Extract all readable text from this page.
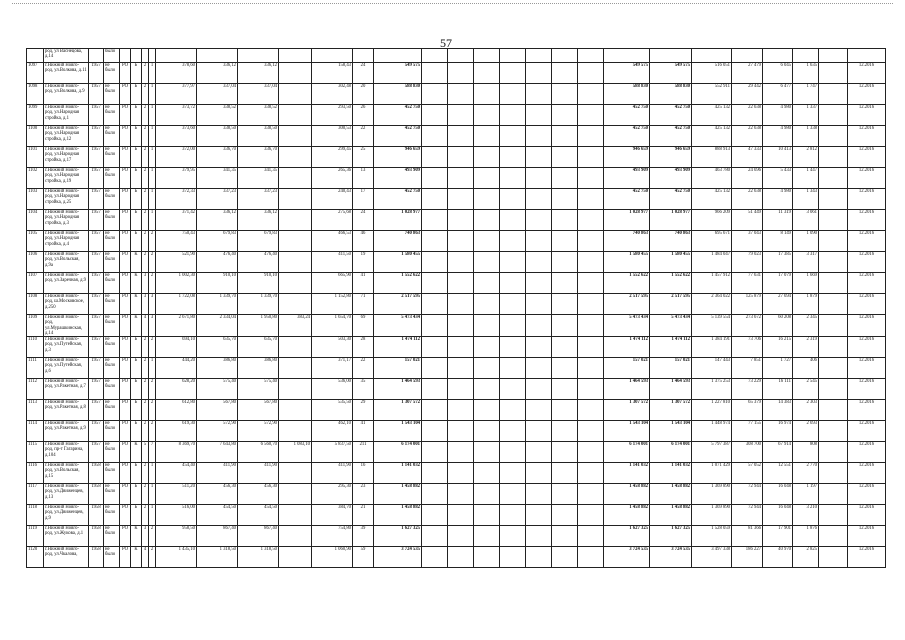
57
	род, ул Васнецова, д.14		было																										
1097	г.Нижний Новго-род, ул.Волкова, д.11	1957	не было	РО	Б	2	1	378,60	336,12	336,12		158,43	24	549 575								549 575	549 575	516 051	27 479	6 045	1 635		12.2016
1098	г.Нижний Новго-род, ул.Волкова, д.9	1957	не было	РО	Б	2	1	377,97	337,04	337,04		302,48	20	588 830								588 830	588 830	552 911	29 442	6 477	1 747		12.2016
1099	г.Нижний Новго-род, ул.Народная стройка, д.1	1957	не было	РО	Б	2	1	373,72	338,52	338,52		293,50	26	452 750								452 750	452 750	425 132	22 638	4 980	1 337		12.2016
1100	г.Нижний Новго-род, ул.Народная стройка, д.12	1957	не было	РО	Б	2	1	373,60	338,50	338,50		300,53	22	452 750								452 750	452 750	425 132	22 638	4 980	1 338		12.2016
1101	г.Нижний Новго-род, ул.Народная стройка, д.17	1957	не было	РО	Б	2	1	372,00	336,70	336,70		299,45	25	946 659								946 659	946 659	888 913	47 333	10 413	2 812		12.2016
1102	г.Нижний Новго-род, ул.Народная стройка, д.19	1957	не было	РО	Б	2	1	379,95	341,35	341,35		265,36	13	493 909								493 909	493 909	463 780	24 696	5 433	1 447		12.2016
1103	г.Нижний Новго-род, ул.Народная стройка, д.25	1957	не было	РО	Б	2	1	372,33	337,23	337,23		240,43	17	452 750								452 750	452 750	425 132	22 638	4 980	1 343		12.2016
1104	г.Нижний Новго-род, ул.Народная стройка, д.3	1957	не было	РО	Б	2	1	371,42	336,12	336,12		275,68	24	1 028 977								1 028 977	1 028 977	966 209	51 449	11 319	3 061		12.2016
1105	г.Нижний Новго-род, ул.Народная стройка, д.4	1957	не было	РО	Б	2	2	750,43	679,83	679,83		466,53	46	740 863								740 863	740 863	695 671	37 043	8 149	1 090		12.2016
1106	г.Нижний Новго-род, ул.Вольская, д.9а	1957	не было	РО	К	2	2	521,90	476,40	476,40		411,50	19	1 580 455								1 580 455	1 580 455	1 484 047	79 023	17 385	3 317		12.2016
1107	г.Нижний Новго-род, ул.Заречная, д.9	1957	не было	РО	К	3	2	1 002,30	910,10	910,10		665,90	41	1 552 622								1 552 622	1 552 622	1 457 912	77 631	17 079	1 669		12.2016
1108	г.Нижний Новго-род, ш.Московское, д.250	1957	не было	РО	К	3	3	1 722,08	1 339,70	1 339,70		1 152,80	71	2 517 595								2 517 595	2 517 595	2 364 022	125 879	27 694	1 879		12.2016
1109	г.Нижний Новго-род, ул.Мурашкинская, д.14	1957	не было	РО	К	4	3	2 671,80	2 334,04	1 950,80	383,24	1 654,70	69	5 473 434								5 473 434	5 473 434	5 139 554	273 672	60 208	2 345		12.2016
1110	г.Нижний Новго-род, ул.Путейская, д.3	1957	не было	РО	Б	2	2	694,10	635,70	635,70		503,30	28	1 474 112								1 474 112	1 474 112	1 384 191	73 706	16 215	2 319		12.2016
1111	г.Нижний Новго-род, ул.Путейская, д.6	1957	не было	РО	Б	2	1	444,20	386,80	386,80		371,17	22	157 021								157 021	157 021	147 443	7 851	1 727	406		12.2016
1112	г.Нижний Новго-род, ул.Ракетная, д.7	1957	не было	РО	Б	2	2	628,20	575,40	575,40		536,00	35	1 464 593								1 464 593	1 464 593	1 375 253	73 229	16 111	2 545		12.2016
1113	г.Нижний Новго-род, ул.Ракетная, д.8	1957	не было	РО	Б	2	2	612,80	567,80	567,80		535,50	29	1 307 572								1 307 572	1 307 572	1 227 810	65 379	14 383	2 303		12.2016
1114	г.Нижний Новго-род, ул.Ракетная, д.9	1957	не было	РО	Б	2	2	619,30	572,90	572,90		462,10	41	1 543 104								1 543 104	1 543 104	1 448 974	77 155	16 974	2 693		12.2016
1115	г.Нижний Новго-род, пр-т Гагарина, д.104	1957	не было	РО	К	5	7	8 369,70	7 643,80	6 560,70	1 083,10	5 837,50	211	6 174 001								6 174 001	6 174 001	5 797 387	308 700	67 914	808		12.2016
1116	г.Нижний Новго-род, ул.Вольская, д.15	1958	не было	РО	Б	2	1	454,40	411,90	411,90		411,90	16	1 141 032								1 141 032	1 141 032	1 071 429	57 052	12 551	2 770		12.2016
1117	г.Нижний Новго-род, ул.Движенцев, д.13	1958	не было	РО	Б	2	1	511,20	456,30	456,30		295,30	23	1 458 882								1 458 882	1 458 882	1 369 890	72 944	16 048	1 197		12.2016
1118	г.Нижний Новго-род, ул.Движенцев, д.9	1958	не было	РО	Б	2	1	516,00	454,50	454,50		384,70	21	1 458 882								1 458 882	1 458 882	1 369 890	72 944	16 048	3 210		12.2016
1119	г.Нижний Новго-род, ул.Жукова, д.1	1958	не было	РО	К	3	2	958,50	867,40	867,40		754,80	39	1 627 325								1 627 325	1 627 325	1 528 059	81 366	17 901	1 876		12.2016
1120	г.Нижний Новго-род, ул.Чкалова,	1958	не было	РО	К	4	2	1 435,10	1 318,50	1 318,50		1 060,90	59	3 724 535								3 724 535	3 724 535	3 497 338	186 227	40 970	2 825		12.2016
